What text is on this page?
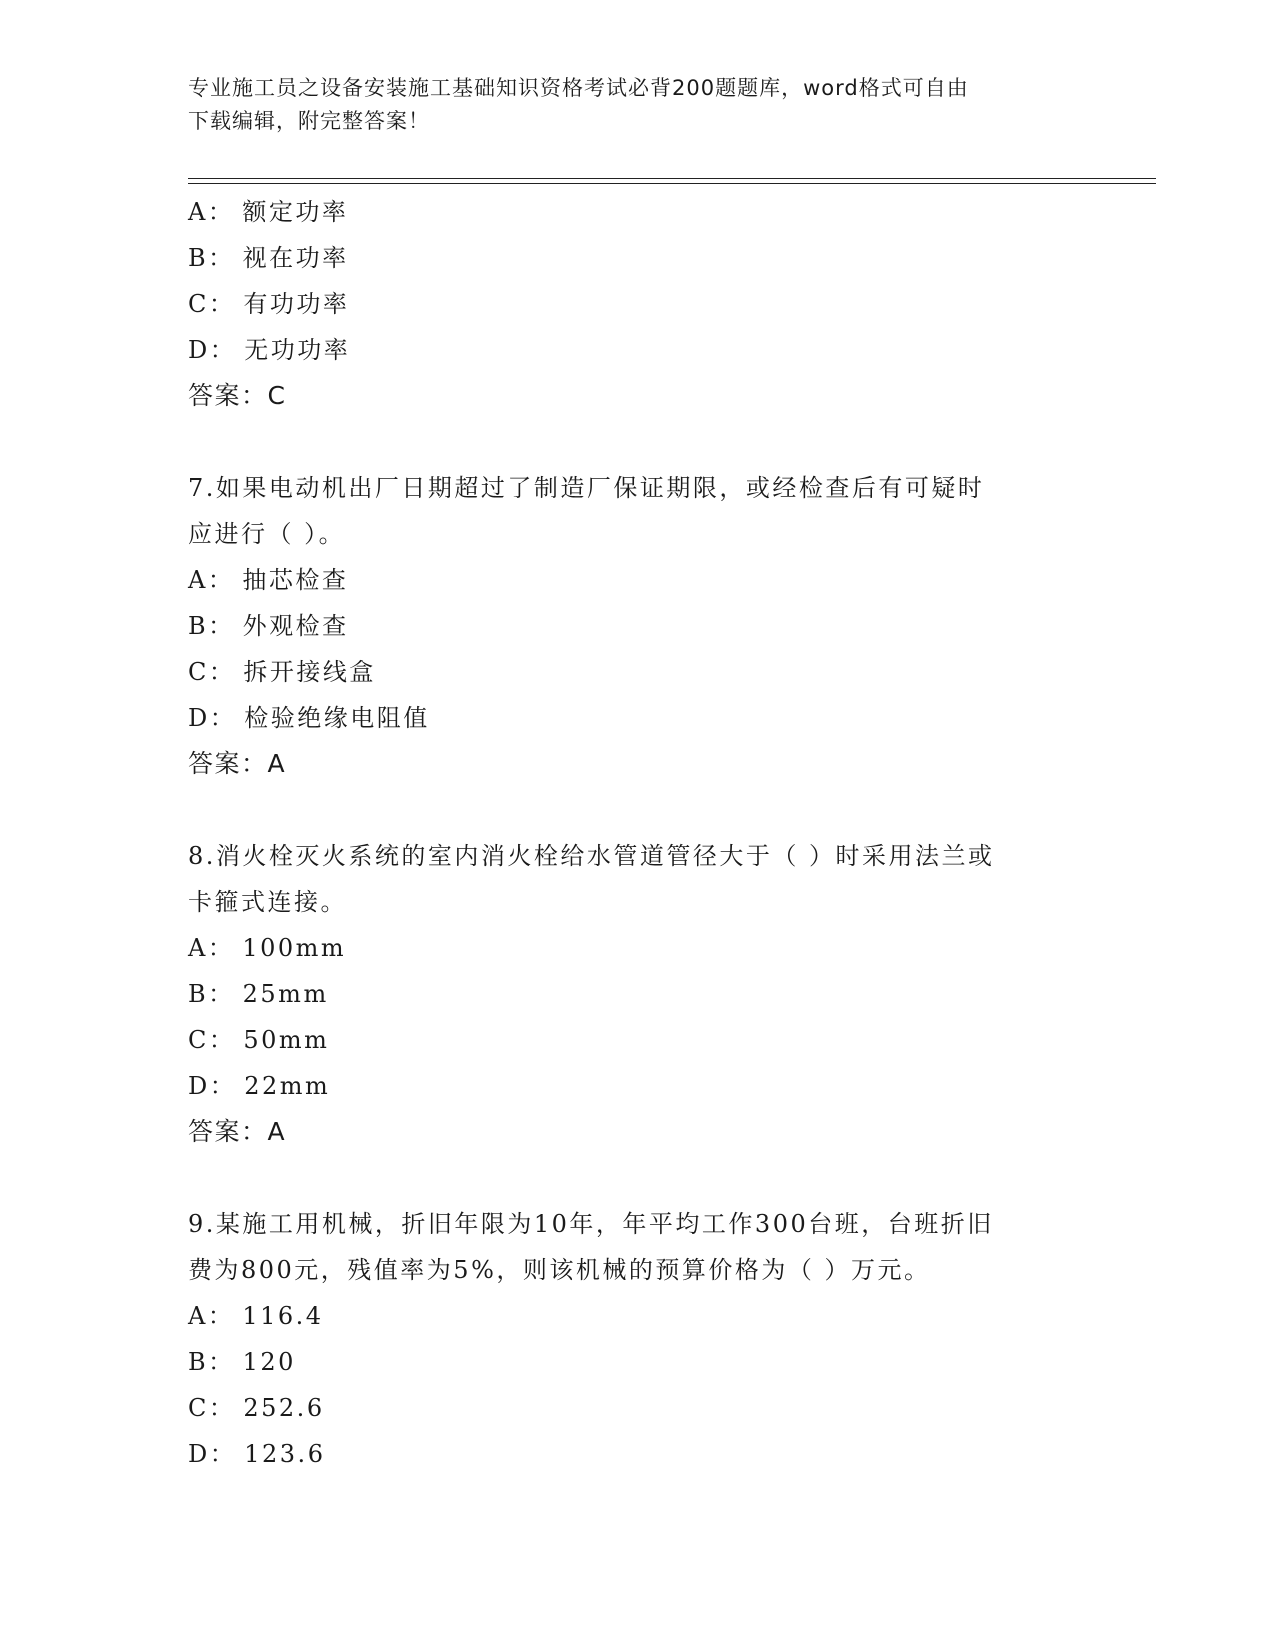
专业施工员之设备安装施工基础知识资格考试必背200题题库，word格式可自由
下载编辑，附完整答案！
A： 额定功率
B： 视在功率
C： 有功功率
D： 无功功率
答案：C
7.如果电动机出厂日期超过了制造厂保证期限，或经检查后有可疑时
应进行（ ）。
A： 抽芯检查
B： 外观检查
C： 拆开接线盒
D： 检验绝缘电阻值
答案：A
8.消火栓灭火系统的室内消火栓给水管道管径大于（ ）时采用法兰或
卡箍式连接。
A： 100mm
B： 25mm
C： 50mm
D： 22mm
答案：A
9.某施工用机械，折旧年限为10年，年平均工作300台班，台班折旧
费为800元，残值率为5%，则该机械的预算价格为（ ）万元。
A： 116.4
B： 120
C： 252.6
D： 123.6
